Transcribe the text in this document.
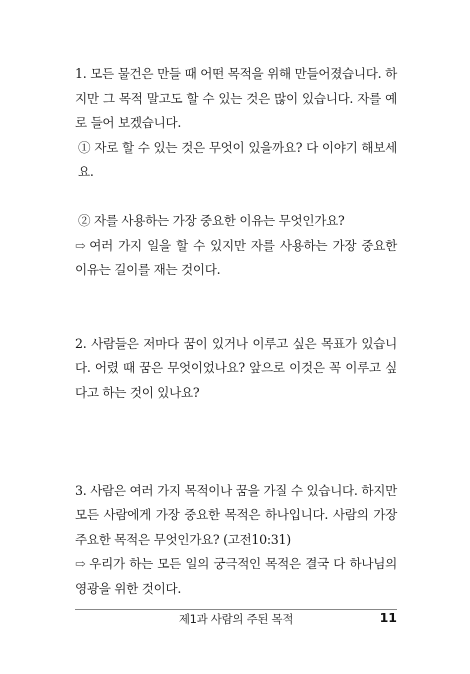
1. 모든 물건은 만들 때 어떤 목적을 위해 만들어졌습니다. 하지만 그 목적 말고도 할 수 있는 것은 많이 있습니다. 자를 예로 들어 보겠습니다.

① 자로 할 수 있는 것은 무엇이 있을까요? 다 이야기 해보세요.

② 자를 사용하는 가장 중요한 이유는 무엇인가요?

⇨ 여러 가지 일을 할 수 있지만 자를 사용하는 가장 중요한 이유는 길이를 재는 것이다.

2. 사람들은 저마다 꿈이 있거나 이루고 싶은 목표가 있습니다. 어렸 때 꿈은 무엇이었나요? 앞으로 이것은 꼭 이루고 싶다고 하는 것이 있나요?

3. 사람은 여러 가지 목적이나 꿈을 가질 수 있습니다. 하지만 모든 사람에게 가장 중요한 목적은 하나입니다. 사람의 가장 주요한 목적은 무엇인가요? (고전10:31)

⇨ 우리가 하는 모든 일의 궁극적인 목적은 결국 다 하나님의 영광을 위한 것이다.

제1과 사람의 주된 목적	11
